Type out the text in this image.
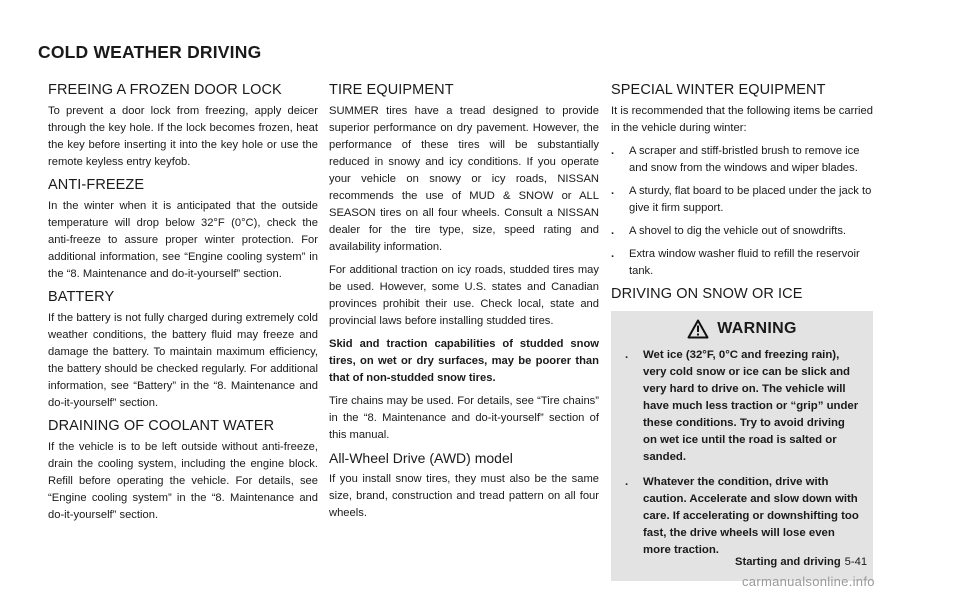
COLD WEATHER DRIVING
FREEING A FROZEN DOOR LOCK

To prevent a door lock from freezing, apply deicer through the key hole. If the lock becomes frozen, heat the key before inserting it into the key hole or use the remote keyless entry keyfob.

ANTI-FREEZE

In the winter when it is anticipated that the outside temperature will drop below 32°F (0°C), check the anti-freeze to assure proper winter protection. For additional information, see “Engine cooling system” in the “8. Maintenance and do-it-yourself” section.

BATTERY

If the battery is not fully charged during extremely cold weather conditions, the battery fluid may freeze and damage the battery. To maintain maximum efficiency, the battery should be checked regularly. For additional information, see “Battery” in the “8. Maintenance and do-it-yourself” section.

DRAINING OF COOLANT WATER

If the vehicle is to be left outside without anti-freeze, drain the cooling system, including the engine block. Refill before operating the vehicle. For details, see “Engine cooling system” in the “8. Maintenance and do-it-yourself” section.

TIRE EQUIPMENT

SUMMER tires have a tread designed to provide superior performance on dry pavement. However, the performance of these tires will be substantially reduced in snowy and icy conditions. If you operate your vehicle on snowy or icy roads, NISSAN recommends the use of MUD & SNOW or ALL SEASON tires on all four wheels. Consult a NISSAN dealer for the tire type, size, speed rating and availability information.

For additional traction on icy roads, studded tires may be used. However, some U.S. states and Canadian provinces prohibit their use. Check local, state and provincial laws before installing studded tires.

Skid and traction capabilities of studded snow tires, on wet or dry surfaces, may be poorer than that of non-studded snow tires.

Tire chains may be used. For details, see “Tire chains” in the “8. Maintenance and do-it-yourself” section of this manual.

All-Wheel Drive (AWD) model

If you install snow tires, they must also be the same size, brand, construction and tread pattern on all four wheels.

SPECIAL WINTER EQUIPMENT

It is recommended that the following items be carried in the vehicle during winter:

. A scraper and stiff-bristled brush to remove ice and snow from the windows and wiper blades.
. A sturdy, flat board to be placed under the jack to give it firm support.
. A shovel to dig the vehicle out of snowdrifts.
. Extra window washer fluid to refill the reservoir tank.
DRIVING ON SNOW OR ICE
WARNING
. Wet ice (32°F, 0°C and freezing rain), very cold snow or ice can be slick and very hard to drive on. The vehicle will have much less traction or “grip” under these conditions. Try to avoid driving on wet ice until the road is salted or sanded.
. Whatever the condition, drive with caution. Accelerate and slow down with care. If accelerating or downshifting too fast, the drive wheels will lose even more traction.
Starting and driving 5-41
carmanualsonline.info
